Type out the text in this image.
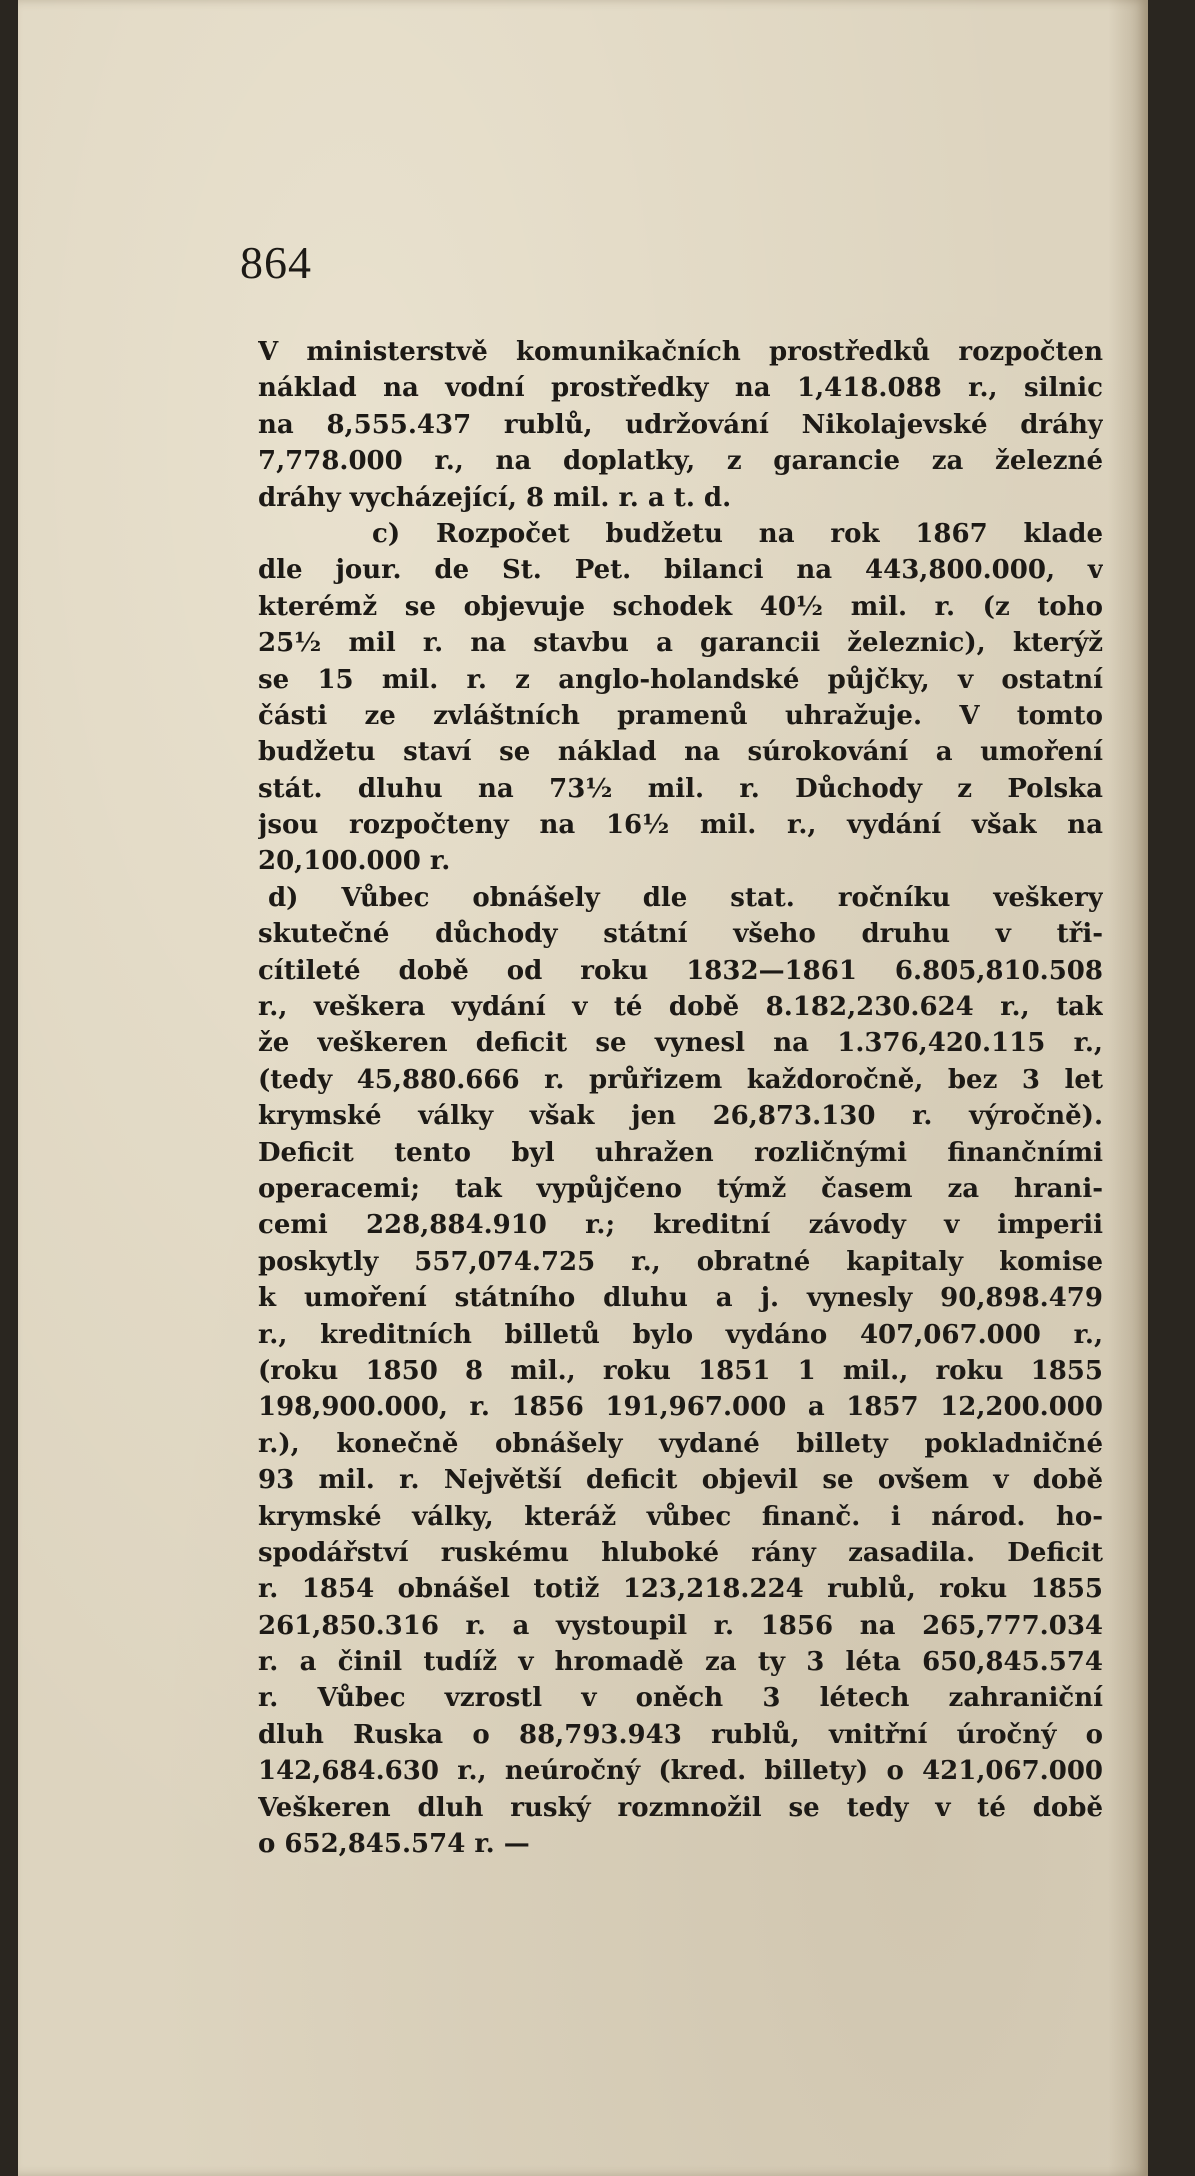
864

V ministerstvě komunikačních prostředků rozpočten
náklad na vodní prostředky na 1,418.088 r., silnic
na 8,555.437 rublů, udržování Nikolajevské dráhy
7,778.000 r., na doplatky, z garancie za železné
dráhy vycházející, 8 mil. r. a t. d.
c) Rozpočet budžetu na rok 1867 klade
dle jour. de St. Pet. bilanci na 443,800.000, v
kterémž se objevuje schodek 40½ mil. r. (z toho
25½ mil r. na stavbu a garancii železnic), kterýž
se 15 mil. r. z anglo-holandské půjčky, v ostatní
části ze zvláštních pramenů uhražuje. V tomto
budžetu staví se náklad na súrokování a umoření
stát. dluhu na 73½ mil. r. Důchody z Polska
jsou rozpočteny na 16½ mil. r., vydání však na
20,100.000 r.
d) Vůbec obnášely dle stat. ročníku veškery
skutečné důchody státní všeho druhu v tři-
cítileté době od roku 1832—1861 6.805,810.508
r., veškera vydání v té době 8.182,230.624 r., tak
že veškeren deficit se vynesl na 1.376,420.115 r.,
(tedy 45,880.666 r. průřizem každoročně, bez 3 let
krymské války však jen 26,873.130 r. výročně).
Deficit tento byl uhražen rozličnými finančními
operacemi; tak vypůjčeno týmž časem za hrani-
cemi 228,884.910 r.; kreditní závody v imperii
poskytly 557,074.725 r., obratné kapitaly komise
k umoření státního dluhu a j. vynesly 90,898.479
r., kreditních billetů bylo vydáno 407,067.000 r.,
(roku 1850 8 mil., roku 1851 1 mil., roku 1855
198,900.000, r. 1856 191,967.000 a 1857 12,200.000
r.), konečně obnášely vydané billety pokladničné
93 mil. r. Největší deficit objevil se ovšem v době
krymské války, kteráž vůbec finanč. i národ. ho-
spodářství ruskému hluboké rány zasadila. Deficit
r. 1854 obnášel totiž 123,218.224 rublů, roku 1855
261,850.316 r. a vystoupil r. 1856 na 265,777.034
r. a činil tudíž v hromadě za ty 3 léta 650,845.574
r. Vůbec vzrostl v oněch 3 létech zahraniční
dluh Ruska o 88,793.943 rublů, vnitřní úročný o
142,684.630 r., neúročný (kred. billety) o 421,067.000
Veškeren dluh ruský rozmnožil se tedy v té době
o 652,845.574 r. —
